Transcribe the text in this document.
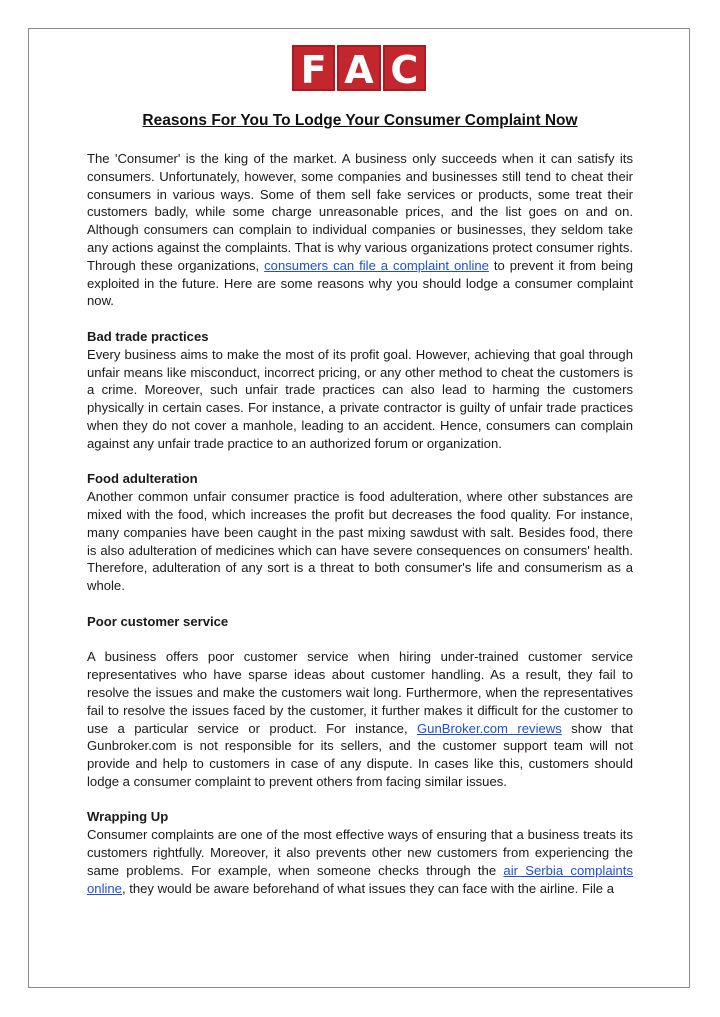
F A C
Reasons For You To Lodge Your Consumer Complaint Now

The 'Consumer' is the king of the market. A business only succeeds when it can satisfy its consumers. Unfortunately, however, some companies and businesses still tend to cheat their consumers in various ways. Some of them sell fake services or products, some treat their customers badly, while some charge unreasonable prices, and the list goes on and on. Although consumers can complain to individual companies or businesses, they seldom take any actions against the complaints. That is why various organizations protect consumer rights. Through these organizations, consumers can file a complaint online to prevent it from being exploited in the future. Here are some reasons why you should lodge a consumer complaint now.

Bad trade practices

Every business aims to make the most of its profit goal. However, achieving that goal through unfair means like misconduct, incorrect pricing, or any other method to cheat the customers is a crime. Moreover, such unfair trade practices can also lead to harming the customers physically in certain cases. For instance, a private contractor is guilty of unfair trade practices when they do not cover a manhole, leading to an accident. Hence, consumers can complain against any unfair trade practice to an authorized forum or organization.

Food adulteration

Another common unfair consumer practice is food adulteration, where other substances are mixed with the food, which increases the profit but decreases the food quality. For instance, many companies have been caught in the past mixing sawdust with salt. Besides food, there is also adulteration of medicines which can have severe consequences on consumers' health. Therefore, adulteration of any sort is a threat to both consumer's life and consumerism as a whole.

Poor customer service

A business offers poor customer service when hiring under-trained customer service representatives who have sparse ideas about customer handling. As a result, they fail to resolve the issues and make the customers wait long. Furthermore, when the representatives fail to resolve the issues faced by the customer, it further makes it difficult for the customer to use a particular service or product. For instance, GunBroker.com reviews show that Gunbroker.com is not responsible for its sellers, and the customer support team will not provide and help to customers in case of any dispute. In cases like this, customers should lodge a consumer complaint to prevent others from facing similar issues.

Wrapping Up

Consumer complaints are one of the most effective ways of ensuring that a business treats its customers rightfully. Moreover, it also prevents other new customers from experiencing the same problems. For example, when someone checks through the air Serbia complaints online, they would be aware beforehand of what issues they can face with the airline. File a
